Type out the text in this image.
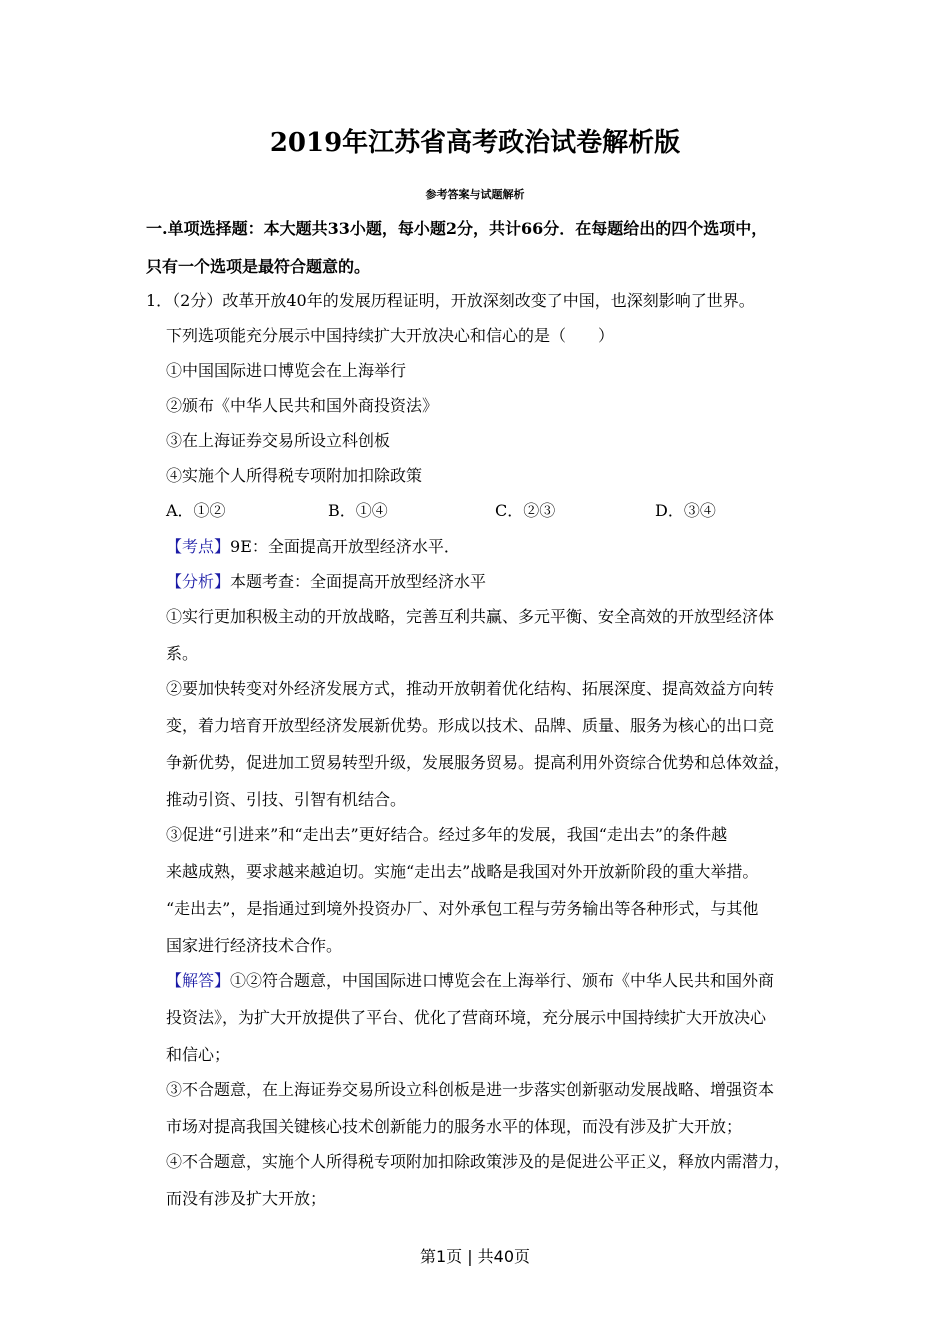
2019年江苏省高考政治试卷解析版
参考答案与试题解析
一.单项选择题：本大题共33小题，每小题2分，共计66分．在每题给出的四个选项中，
只有一个选项是最符合题意的。
1．（2分）改革开放40年的发展历程证明，开放深刻改变了中国，也深刻影响了世界。
下列选项能充分展示中国持续扩大开放决心和信心的是（　　）
①中国国际进口博览会在上海举行
②颁布《中华人民共和国外商投资法》
③在上海证券交易所设立科创板
④实施个人所得税专项附加扣除政策
A．①②	B．①④	C．②③	D．③④
【考点】9E：全面提高开放型经济水平．
【分析】本题考查：全面提高开放型经济水平
①实行更加积极主动的开放战略，完善互利共赢、多元平衡、安全高效的开放型经济体
系。
②要加快转变对外经济发展方式，推动开放朝着优化结构、拓展深度、提高效益方向转
变，着力培育开放型经济发展新优势。形成以技术、品牌、质量、服务为核心的出口竞
争新优势，促进加工贸易转型升级，发展服务贸易。提高利用外资综合优势和总体效益，
推动引资、引技、引智有机结合。
③促进“引进来”和“走出去”更好结合。经过多年的发展，我国“走出去”的条件越
来越成熟，要求越来越迫切。实施“走出去”战略是我国对外开放新阶段的重大举措。
“走出去”，是指通过到境外投资办厂、对外承包工程与劳务输出等各种形式，与其他
国家进行经济技术合作。
【解答】①②符合题意，中国国际进口博览会在上海举行、颁布《中华人民共和国外商
投资法》，为扩大开放提供了平台、优化了营商环境，充分展示中国持续扩大开放决心
和信心；
③不合题意，在上海证券交易所设立科创板是进一步落实创新驱动发展战略、增强资本
市场对提高我国关键核心技术创新能力的服务水平的体现，而没有涉及扩大开放；
④不合题意，实施个人所得税专项附加扣除政策涉及的是促进公平正义，释放内需潜力，
而没有涉及扩大开放；
第1页 | 共40页
